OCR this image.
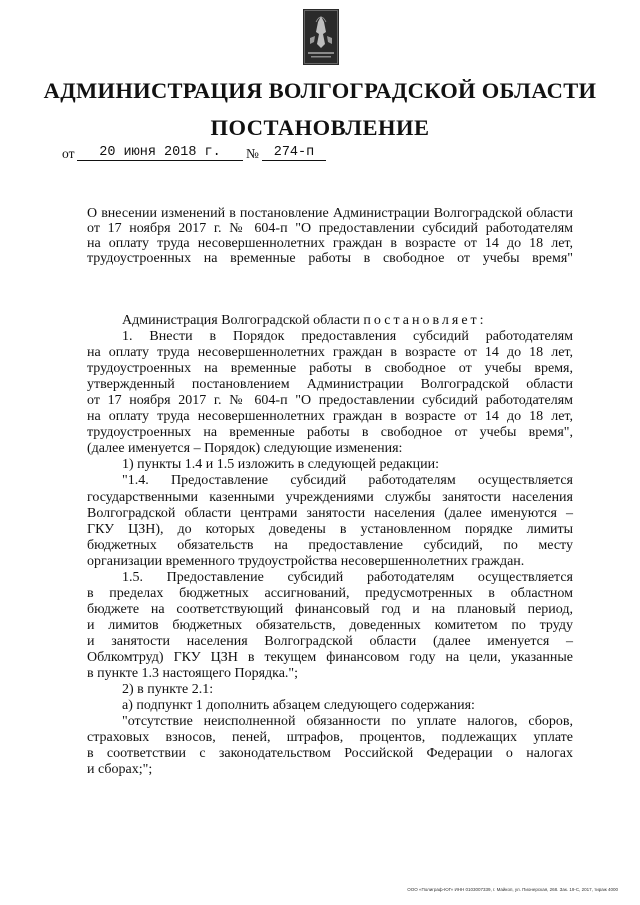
АДМИНИСТРАЦИЯ ВОЛГОГРАДСКОЙ ОБЛАСТИ
ПОСТАНОВЛЕНИЕ
от	20 июня 2018 г.	№	274-п
О внесении изменений в постановление Администрации Волгоградской области
от 17 ноября 2017 г. № 604-п "О предоставлении субсидий работодателям
на оплату труда несовершеннолетних граждан в возрасте от 14 до 18 лет,
трудоустроенных на временные работы в свободное от учебы время"
Администрация Волгоградской области постановляет:
1. Внести в Порядок предоставления субсидий работодателям
на оплату труда несовершеннолетних граждан в возрасте от 14 до 18 лет,
трудоустроенных на временные работы в свободное от учебы время,
утвержденный постановлением Администрации Волгоградской области
от 17 ноября 2017 г. № 604-п "О предоставлении субсидий работодателям
на оплату труда несовершеннолетних граждан в возрасте от 14 до 18 лет,
трудоустроенных на временные работы в свободное от учебы время",
(далее именуется – Порядок) следующие изменения:
1) пункты 1.4 и 1.5 изложить в следующей редакции:
"1.4. Предоставление субсидий работодателям осуществляется
государственными казенными учреждениями службы занятости населения
Волгоградской области центрами занятости населения (далее именуются –
ГКУ ЦЗН), до которых доведены в установленном порядке лимиты
бюджетных обязательств на предоставление субсидий, по месту
организации временного трудоустройства несовершеннолетних граждан.
1.5. Предоставление субсидий работодателям осуществляется
в пределах бюджетных ассигнований, предусмотренных в областном
бюджете на соответствующий финансовый год и на плановый период,
и лимитов бюджетных обязательств, доведенных комитетом по труду
и занятости населения Волгоградской области (далее именуется –
Облкомтруд) ГКУ ЦЗН в текущем финансовом году на цели, указанные
в пункте 1.3 настоящего Порядка.";
2) в пункте 2.1:
а) подпункт 1 дополнить абзацем следующего содержания:
"отсутствие неисполненной обязанности по уплате налогов, сборов,
страховых взносов, пеней, штрафов, процентов, подлежащих уплате
в соответствии с законодательством Российской Федерации о налогах
и сборах;";
ООО «Полиграф-ЮГ» ИНН 0103007339, г. Майкоп, ул. Пионерская, 268. Зак. 19-С, 2017, тираж 4000
